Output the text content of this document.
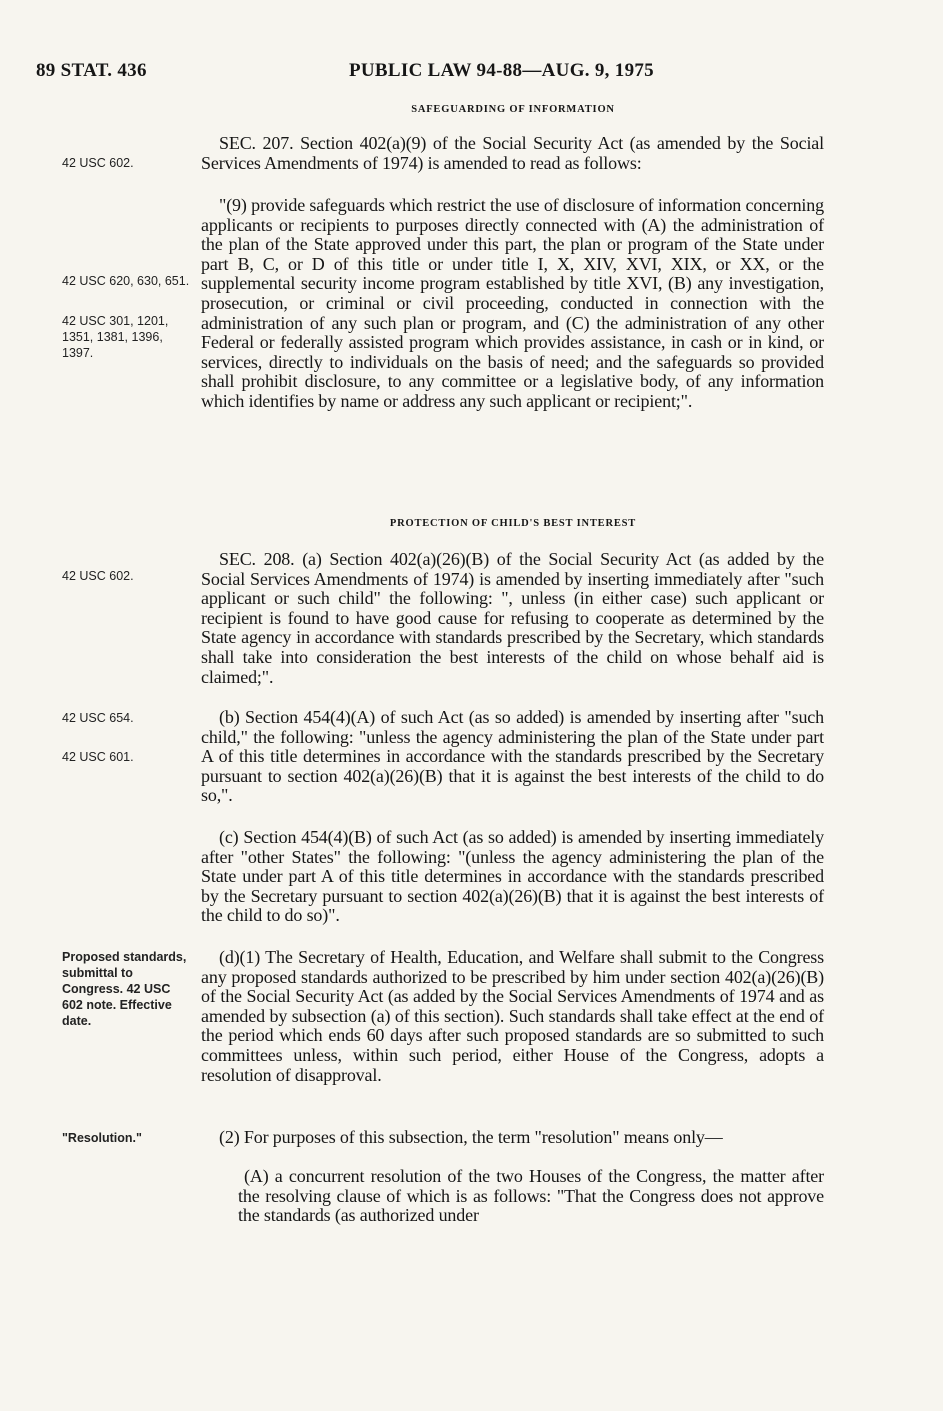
89 STAT. 436	PUBLIC LAW 94-88—AUG. 9, 1975
SAFEGUARDING OF INFORMATION
42 USC 602.
42 USC 620, 630, 651.
42 USC 301, 1201, 1351, 1381, 1396, 1397.

SEC. 207. Section 402(a)(9) of the Social Security Act (as amended by the Social Services Amendments of 1974) is amended to read as follows:

"(9) provide safeguards which restrict the use of disclosure of information concerning applicants or recipients to purposes directly connected with (A) the administration of the plan of the State approved under this part, the plan or program of the State under part B, C, or D of this title or under title I, X, XIV, XVI, XIX, or XX, or the supplemental security income program established by title XVI, (B) any investigation, prosecution, or criminal or civil proceeding, conducted in connection with the administration of any such plan or program, and (C) the administration of any other Federal or federally assisted program which provides assistance, in cash or in kind, or services, directly to individuals on the basis of need; and the safeguards so provided shall prohibit disclosure, to any committee or a legislative body, of any information which identifies by name or address any such applicant or recipient;".

PROTECTION OF CHILD'S BEST INTEREST
42 USC 602.
42 USC 654.
42 USC 601.
Proposed standards, submittal to Congress. 42 USC 602 note. Effective date.
"Resolution."

SEC. 208. (a) Section 402(a)(26)(B) of the Social Security Act (as added by the Social Services Amendments of 1974) is amended by inserting immediately after "such applicant or such child" the following: ", unless (in either case) such applicant or recipient is found to have good cause for refusing to cooperate as determined by the State agency in accordance with standards prescribed by the Secretary, which standards shall take into consideration the best interests of the child on whose behalf aid is claimed;".

(b) Section 454(4)(A) of such Act (as so added) is amended by inserting after "such child," the following: "unless the agency administering the plan of the State under part A of this title determines in accordance with the standards prescribed by the Secretary pursuant to section 402(a)(26)(B) that it is against the best interests of the child to do so,".

(c) Section 454(4)(B) of such Act (as so added) is amended by inserting immediately after "other States" the following: "(unless the agency administering the plan of the State under part A of this title determines in accordance with the standards prescribed by the Secretary pursuant to section 402(a)(26)(B) that it is against the best interests of the child to do so)".

(d)(1) The Secretary of Health, Education, and Welfare shall submit to the Congress any proposed standards authorized to be prescribed by him under section 402(a)(26)(B) of the Social Security Act (as added by the Social Services Amendments of 1974 and as amended by subsection (a) of this section). Such standards shall take effect at the end of the period which ends 60 days after such proposed standards are so submitted to such committees unless, within such period, either House of the Congress, adopts a resolution of disapproval.

(2) For purposes of this subsection, the term "resolution" means only—

(A) a concurrent resolution of the two Houses of the Congress, the matter after the resolving clause of which is as follows: "That the Congress does not approve the standards (as authorized under
